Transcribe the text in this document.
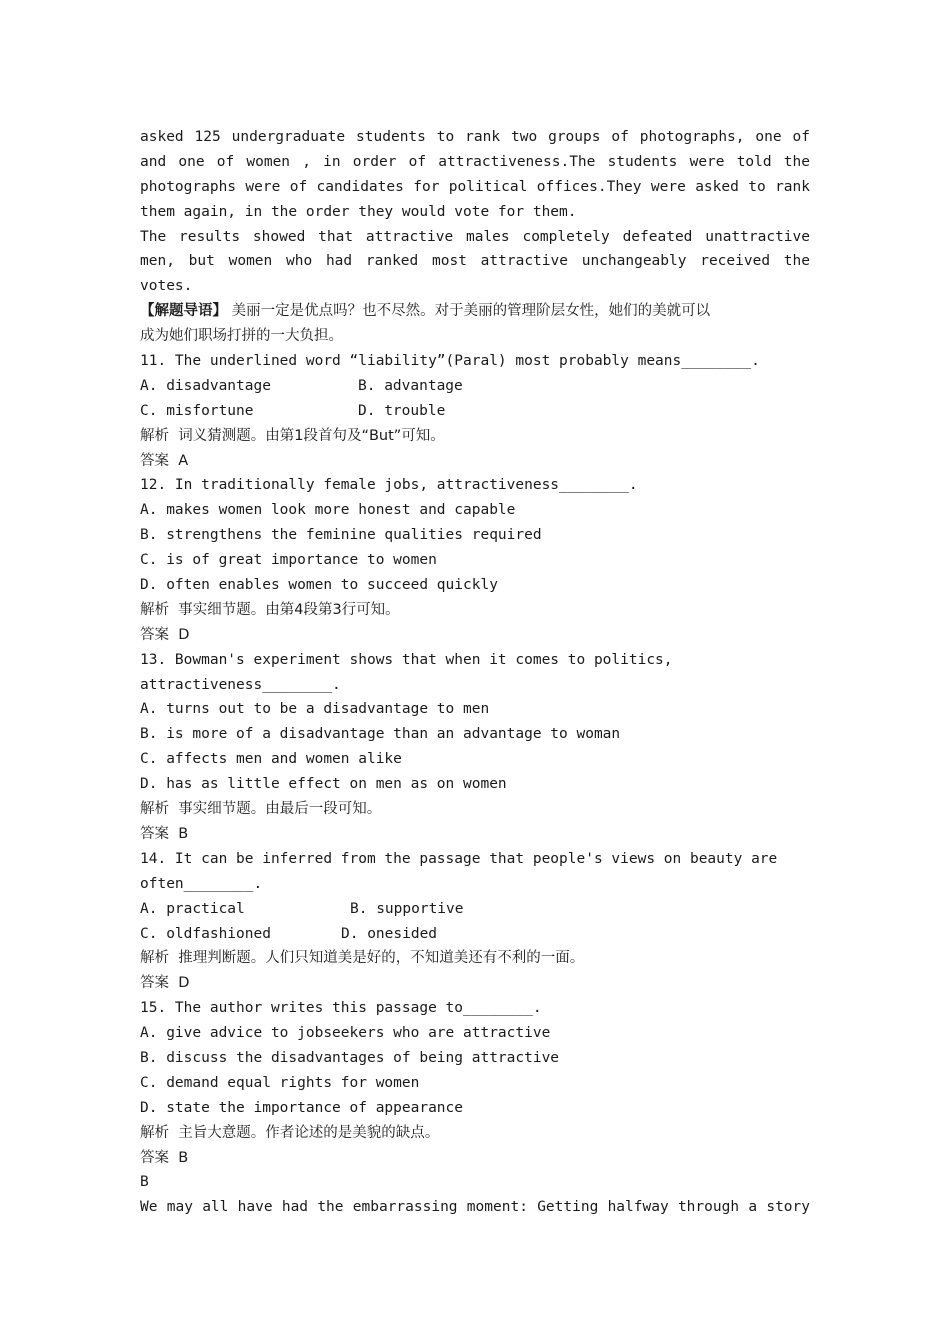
asked 125 undergraduate students to rank two groups of photographs, one of
and one of women , in order of attractiveness.The students were told the
photographs were of candidates for political offices.They were asked to rank
them again, in the order they would vote for them.
The results showed that attractive males completely defeated unattractive
men, but women who had ranked most attractive unchangeably received the
votes.
【解题导语】 美丽一定是优点吗？也不尽然。对于美丽的管理阶层女性，她们的美就可以
成为她们职场打拼的一大负担。
11. The underlined word “liability”(Paral) most probably means________.
A. disadvantage	B. advantage
C. misfortune	D. trouble
解析  词义猜测题。由第1段首句及“But”可知。
答案  A
12. In traditionally female jobs, attractiveness________.
A. makes women look more honest and capable
B. strengthens the feminine qualities required
C. is of great importance to women
D. often enables women to succeed quickly
解析  事实细节题。由第4段第3行可知。
答案  D
13. Bowman's experiment shows that when it comes to politics,
attractiveness________.
A. turns out to be a disadvantage to men
B. is more of a disadvantage than an advantage to woman
C. affects men and women alike
D. has as little effect on men as on women
解析  事实细节题。由最后一段可知。
答案  B
14. It can be inferred from the passage that people's views on beauty are
often________.
A. practical	B. supportive
C. oldfashioned	D. onesided
解析  推理判断题。人们只知道美是好的，不知道美还有不利的一面。
答案  D
15. The author writes this passage to________.
A. give advice to jobseekers who are attractive
B. discuss the disadvantages of being attractive
C. demand equal rights for women
D. state the importance of appearance
解析  主旨大意题。作者论述的是美貌的缺点。
答案  B
B
We may all have had the embarrassing moment: Getting halfway through a story
